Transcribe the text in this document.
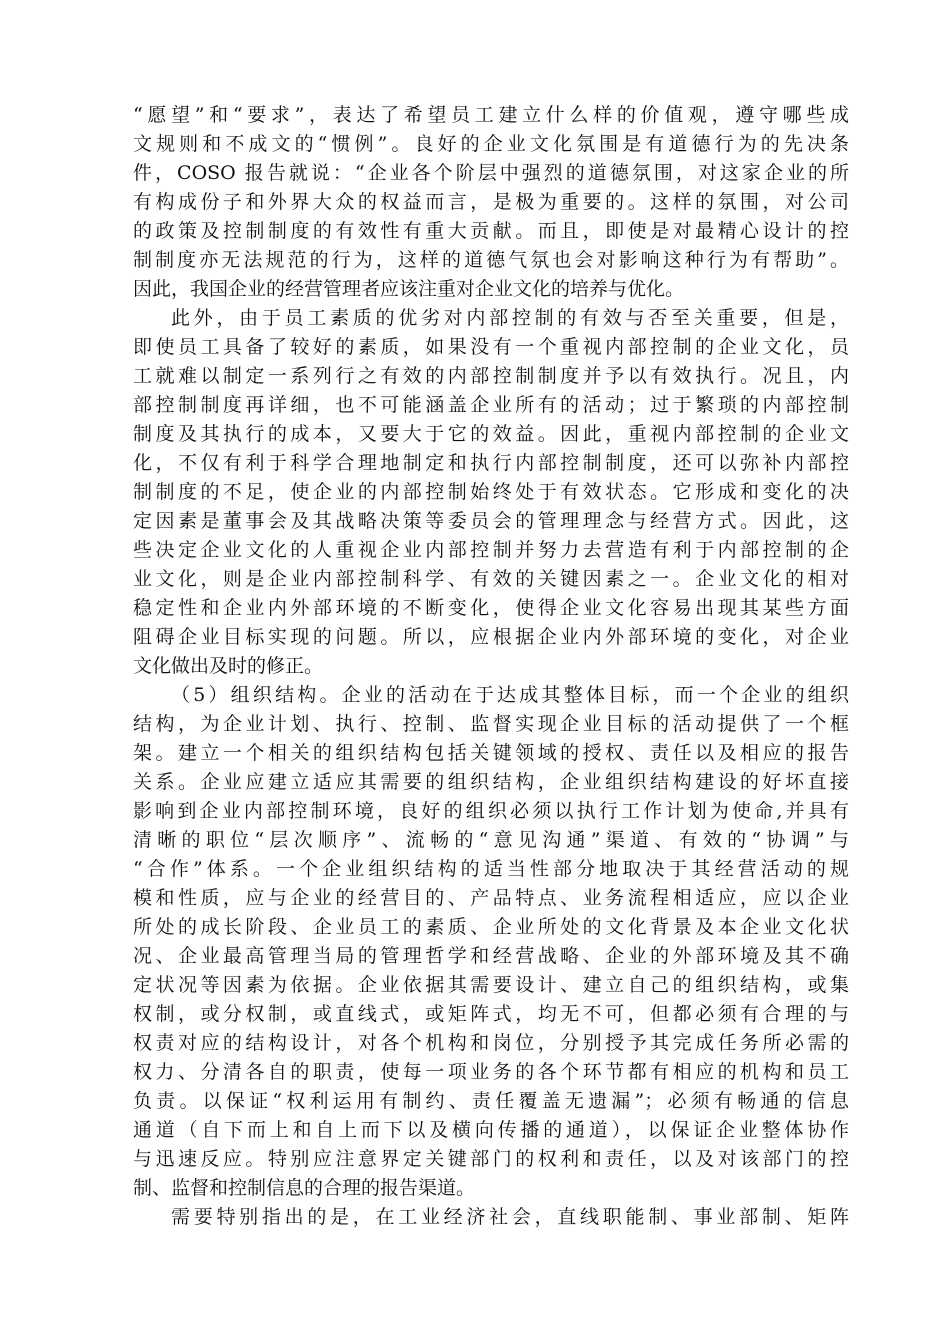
“愿望”和“要求”，表达了希望员工建立什么样的价值观，遵守哪些成
文规则和不成文的“惯例”。良好的企业文化氛围是有道德行为的先决条
件，COSO 报告就说：“企业各个阶层中强烈的道德氛围，对这家企业的所
有构成份子和外界大众的权益而言，是极为重要的。这样的氛围，对公司
的政策及控制制度的有效性有重大贡献。而且，即使是对最精心设计的控
制制度亦无法规范的行为，这样的道德气氛也会对影响这种行为有帮助”。
因此，我国企业的经营管理者应该注重对企业文化的培养与优化。
此外，由于员工素质的优劣对内部控制的有效与否至关重要，但是，
即使员工具备了较好的素质，如果没有一个重视内部控制的企业文化，员
工就难以制定一系列行之有效的内部控制制度并予以有效执行。况且，内
部控制制度再详细，也不可能涵盖企业所有的活动；过于繁琐的内部控制
制度及其执行的成本，又要大于它的效益。因此，重视内部控制的企业文
化，不仅有利于科学合理地制定和执行内部控制制度，还可以弥补内部控
制制度的不足，使企业的内部控制始终处于有效状态。它形成和变化的决
定因素是董事会及其战略决策等委员会的管理理念与经营方式。因此，这
些决定企业文化的人重视企业内部控制并努力去营造有利于内部控制的企
业文化，则是企业内部控制科学、有效的关键因素之一。企业文化的相对
稳定性和企业内外部环境的不断变化，使得企业文化容易出现其某些方面
阻碍企业目标实现的问题。所以，应根据企业内外部环境的变化，对企业
文化做出及时的修正。
（5）组织结构。企业的活动在于达成其整体目标，而一个企业的组织
结构，为企业计划、执行、控制、监督实现企业目标的活动提供了一个框
架。建立一个相关的组织结构包括关键领域的授权、责任以及相应的报告
关系。企业应建立适应其需要的组织结构，企业组织结构建设的好坏直接
影响到企业内部控制环境，良好的组织必须以执行工作计划为使命,并具有
清晰的职位“层次顺序”、流畅的“意见沟通”渠道、有效的“协调”与
“合作”体系。一个企业组织结构的适当性部分地取决于其经营活动的规
模和性质，应与企业的经营目的、产品特点、业务流程相适应，应以企业
所处的成长阶段、企业员工的素质、企业所处的文化背景及本企业文化状
况、企业最高管理当局的管理哲学和经营战略、企业的外部环境及其不确
定状况等因素为依据。企业依据其需要设计、建立自己的组织结构，或集
权制，或分权制，或直线式，或矩阵式，均无不可，但都必须有合理的与
权责对应的结构设计，对各个机构和岗位，分别授予其完成任务所必需的
权力、分清各自的职责，使每一项业务的各个环节都有相应的机构和员工
负责。以保证“权利运用有制约、责任覆盖无遗漏”；必须有畅通的信息
通道（自下而上和自上而下以及横向传播的通道），以保证企业整体协作
与迅速反应。特别应注意界定关键部门的权利和责任，以及对该部门的控
制、监督和控制信息的合理的报告渠道。
需要特别指出的是，在工业经济社会，直线职能制、事业部制、矩阵
